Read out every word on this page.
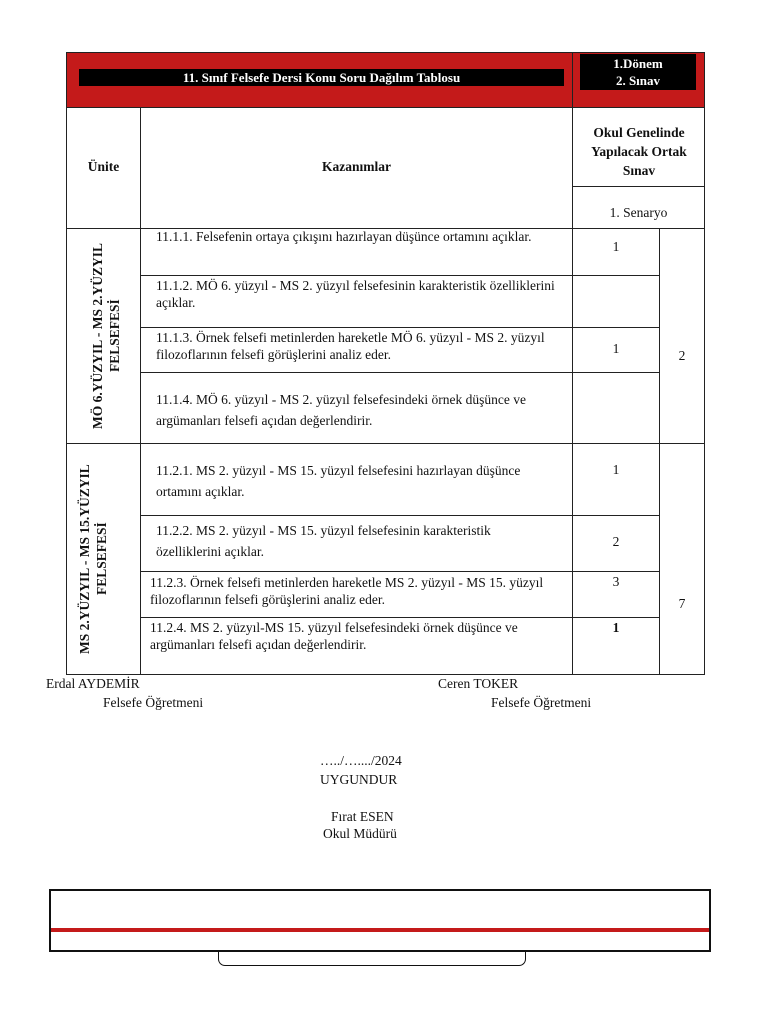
11. Sınıf Felsefe Dersi Konu Soru Dağılım Tablosu
1.Dönem
2. Sınav
Ünite	Kazanımlar
Okul Genelinde Yapılacak Ortak Sınav
1. Senaryo
MÖ 6.YÜZYIL - MS 2.YÜZYIL FELSEFESİ
11.1.1. Felsefenin ortaya çıkışını hazırlayan düşünce ortamını açıklar.
1
11.1.2. MÖ 6. yüzyıl - MS 2. yüzyıl felsefesinin karakteristik özelliklerini açıklar.
11.1.3. Örnek felsefi metinlerden hareketle MÖ 6. yüzyıl - MS 2. yüzyıl filozoflarının felsefi görüşlerini analiz eder.	1
11.1.4. MÖ 6. yüzyıl - MS 2. yüzyıl felsefesindeki örnek düşünce ve argümanları felsefi açıdan değerlendirir.
2
MS 2.YÜZYIL - MS 15.YÜZYIL FELSEFESİ
11.2.1. MS 2. yüzyıl - MS 15. yüzyıl felsefesini hazırlayan düşünce ortamını açıklar.
1
11.2.2. MS 2. yüzyıl - MS 15. yüzyıl felsefesinin karakteristik özelliklerini açıklar.
2
11.2.3. Örnek felsefi metinlerden hareketle MS 2. yüzyıl - MS 15. yüzyıl filozoflarının felsefi görüşlerini analiz eder.
3
11.2.4. MS 2. yüzyıl-MS 15. yüzyıl felsefesindeki örnek düşünce ve argümanları felsefi açıdan değerlendirir.
1
7
Erdal AYDEMİR
Felsefe Öğretmeni
Ceren TOKER
Felsefe Öğretmeni
…../…..../2024
UYGUNDUR
Fırat ESEN
Okul Müdürü
